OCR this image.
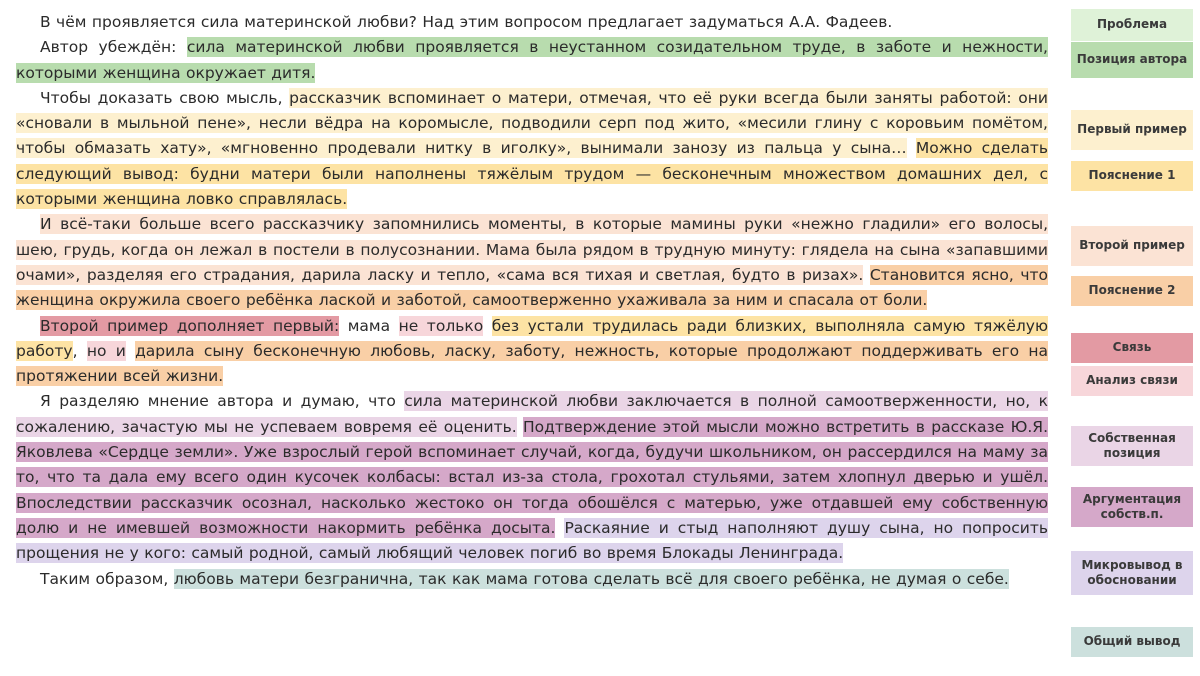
В чём проявляется сила материнской любви? Над этим вопросом предлагает задуматься А.А. Фадеев.

Автор убеждён: сила материнской любви проявляется в неустанном созидательном труде, в заботе и нежности, которыми женщина окружает дитя.

Чтобы доказать свою мысль, рассказчик вспоминает о матери, отмечая, что её руки всегда были заняты работой: они «сновали в мыльной пене», несли вёдра на коромысле, подводили серп под жито, «месили глину с коровьим помётом, чтобы обмазать хату», «мгновенно продевали нитку в иголку», вынимали занозу из пальца у сына… Можно сделать следующий вывод: будни матери были наполнены тяжёлым трудом — бесконечным множеством домашних дел, с которыми женщина ловко справлялась.

И всё-таки больше всего рассказчику запомнились моменты, в которые мамины руки «нежно гладили» его волосы, шею, грудь, когда он лежал в постели в полусознании. Мама была рядом в трудную минуту: глядела на сына «запавшими очами», разделяя его страдания, дарила ласку и тепло, «сама вся тихая и светлая, будто в ризах». Становится ясно, что женщина окружила своего ребёнка лаской и заботой, самоотверженно ухаживала за ним и спасала от боли.

Второй пример дополняет первый: мама не только без устали трудилась ради близких, выполняла самую тяжёлую работу, но и дарила сыну бесконечную любовь, ласку, заботу, нежность, которые продолжают поддерживать его на протяжении всей жизни.

Я разделяю мнение автора и думаю, что сила материнской любви заключается в полной самоотверженности, но, к сожалению, зачастую мы не успеваем вовремя её оценить. Подтверждение этой мысли можно встретить в рассказе Ю.Я. Яковлева «Сердце земли». Уже взрослый герой вспоминает случай, когда, будучи школьником, он рассердился на маму за то, что та дала ему всего один кусочек колбасы: встал из-за стола, грохотал стульями, затем хлопнул дверью и ушёл. Впоследствии рассказчик осознал, насколько жестоко он тогда обошёлся с матерью, уже отдавшей ему собственную долю и не имевшей возможности накормить ребёнка досыта. Раскаяние и стыд наполняют душу сына, но попросить прощения не у кого: самый родной, самый любящий человек погиб во время Блокады Ленинграда.

Таким образом, любовь матери безгранична, так как мама готова сделать всё для своего ребёнка, не думая о себе.

Проблема
Позиция автора
Первый пример
Пояснение 1
Второй пример
Пояснение 2
Связь
Анализ связи
Собственная позиция
Аргументация собств.п.
Микровывод в обосновании
Общий вывод
